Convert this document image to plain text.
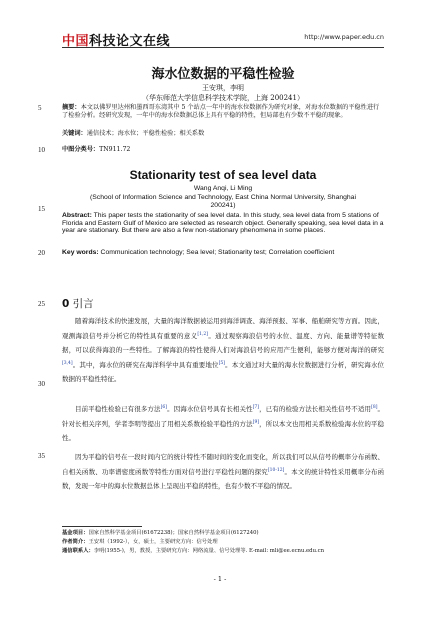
中国科技论文在线	http://www.paper.edu.cn
5
10
15
20
25
30
35
海水位数据的平稳性检验
王安琪，李明
（华东师范大学信息科学技术学院，上海 200241）
摘要：本文以佛罗里达州和墨西哥东湾其中 5 个站点一年中的海水位数据作为研究对象，对海水位数据的平稳性进行了检验分析。经研究发现，一年中的海水位数据总体上具有平稳的特性，但局部也有少数不平稳的现象。
关键词：通信技术；海水位；平稳性检验；相关系数
中图分类号：TN911.72
Stationarity test of sea level data
Wang Anqi, Li Ming
(School of Information Science and Technology, East China Normal University, Shanghai
200241)
Abstract: This paper tests the stationarity of sea level data. In this study, sea level data from 5 stations of Florida and Eastern Gulf of Mexico are selected as research object. Generally speaking, sea level data in a year are stationary. But there are also a few non-stationary phenomena in some places.
Key words: Communication technology; Sea level; Stationarity test; Correlation coefficient
0 引言
随着海洋技术的快速发展，大量的海洋数据被运用到海洋调查、海洋预报、军事、船舶研究等方面。因此，观测海浪信号并分析它的特性具有重要的意义[1,2]。通过观察海浪信号的水位、温度、方向、能量谱等特征数据，可以获得海浪的一些特性。了解海浪的特性使得人们对海浪信号的应用产生便利，能够方便对海洋的研究[3,4]。其中，海水位的研究在海洋科学中具有重要地位[5]。本文通过对大量的海水位数据进行分析，研究海水位数据的平稳性特征。
目前平稳性检验已有很多方法[6]。因海水位信号具有长相关性[7]，已有的检验方法长相关性信号不适用[8]。针对长相关序列，学者李明等提出了用相关系数检验平稳性的方法[9]，所以本文也用相关系数检验海水位的平稳性。
因为平稳的信号在一段时间内它的统计特性不随时间的变化而变化，所以我们可以从信号的概率分布函数、自相关函数、功率谱密度函数等特性方面对信号进行平稳性问题的探究[10-12]。本文的统计特性采用概率分布函数，发现一年中的海水位数据总体上呈现出平稳的特性，也有少数不平稳的情况。
基金项目：国家自然科学基金项目(61672238)；国家自然科学基金项目(6127240)
作者简介：王安琪（1992-），女，硕士，主要研究方向：信号处理
通信联系人：李明(1955-)，男，教授，主要研究方向：网络流量、信号处理等. E-mail: mli@ee.ecnu.edu.cn
- 1 -
